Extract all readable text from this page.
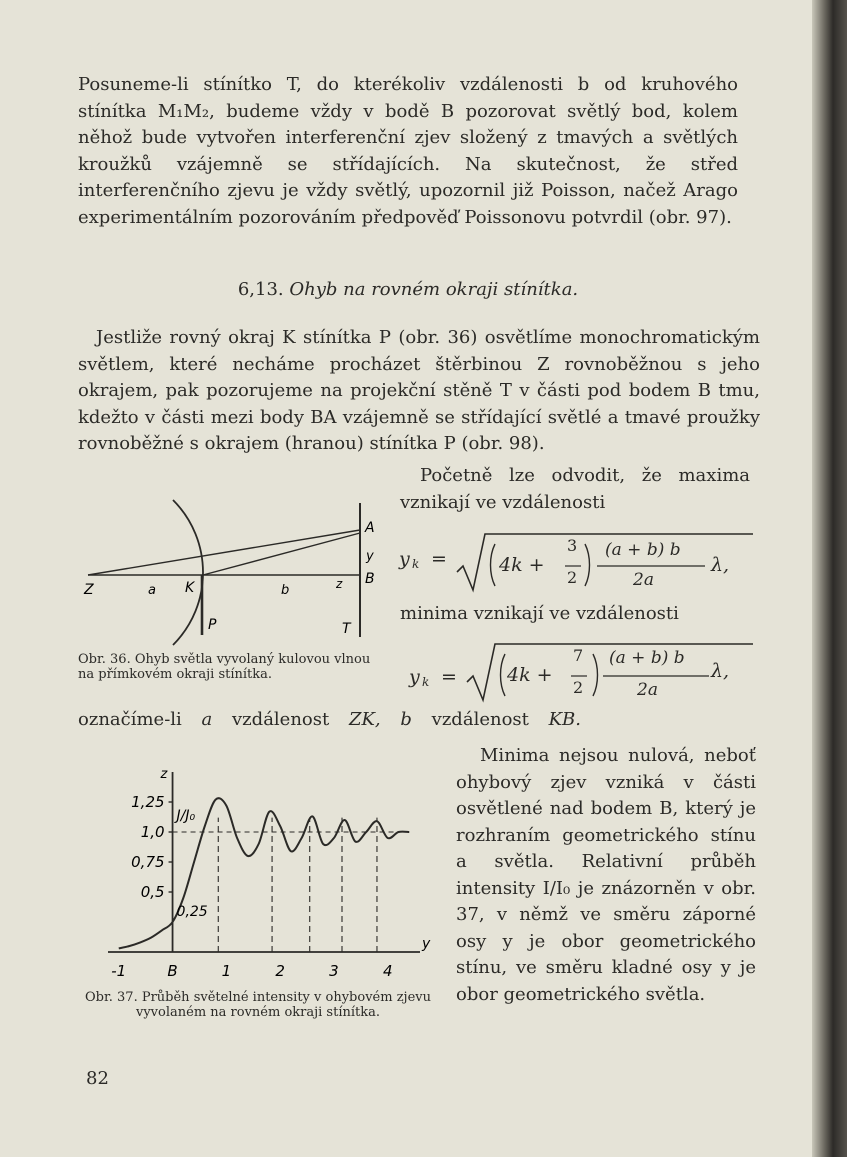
Posuneme-li stínítko T, do kterékoliv vzdálenosti b od kruhového stínítka M₁M₂, budeme vždy v bodě B pozorovat světlý bod, kolem něhož bude vytvořen interferenční zjev složený z tmavých a světlých kroužků vzájemně se střídajících. Na skutečnost, že střed interferenčního zjevu je vždy světlý, upozornil již Poisson, načež Arago experimentálním pozorováním předpověď Poissonovu potvrdil (obr. 97).

6,13. Ohyb na rovném okraji stínítka.

Jestliže rovný okraj K stínítka P (obr. 36) osvětlíme monochromatickým světlem, které necháme procházet štěrbinou Z rovnoběžnou s jeho okrajem, pak pozorujeme na projekční stěně T v části pod bodem B tmu, kdežto v části mezi body BA vzájemně se střídající světlé a tmavé proužky rovnoběžné s okrajem (hranou) stínítka P (obr. 98).

Z	a K	b	z
A
y
B
P	T

Obr. 36. Ohyb světla vyvolaný kulovou vlnou na přímkovém okraji stínítka.

Početně lze odvodit, že maxima vznikají ve vzdálenosti

y k =	4k +
3
2
(a + b) b
2a
λ,

minima vznikají ve vzdálenosti

y k =	4k +
7
2
(a + b) b
2a
λ,

označíme-li a vzdálenost ZK, b vzdálenost KB.

Minima nejsou nulová, neboť ohybový zjev vzniká v části osvětlené nad bodem B, který je rozhraním geometrického stínu a světla. Relativní průběh intensity I/I₀ je znázorněn v obr. 37, v němž ve směru záporné osy y je obor geometrického stínu, ve směru kladné osy y je obor geometrického světla.

1,25
1,0
0,75
0,5
-1	B	1	2	3	4
y
z
J/J₀
0,25

Obr. 37. Průběh světelné intensity v ohybovém zjevu vyvolaném na rovném okraji stínítka.

82
